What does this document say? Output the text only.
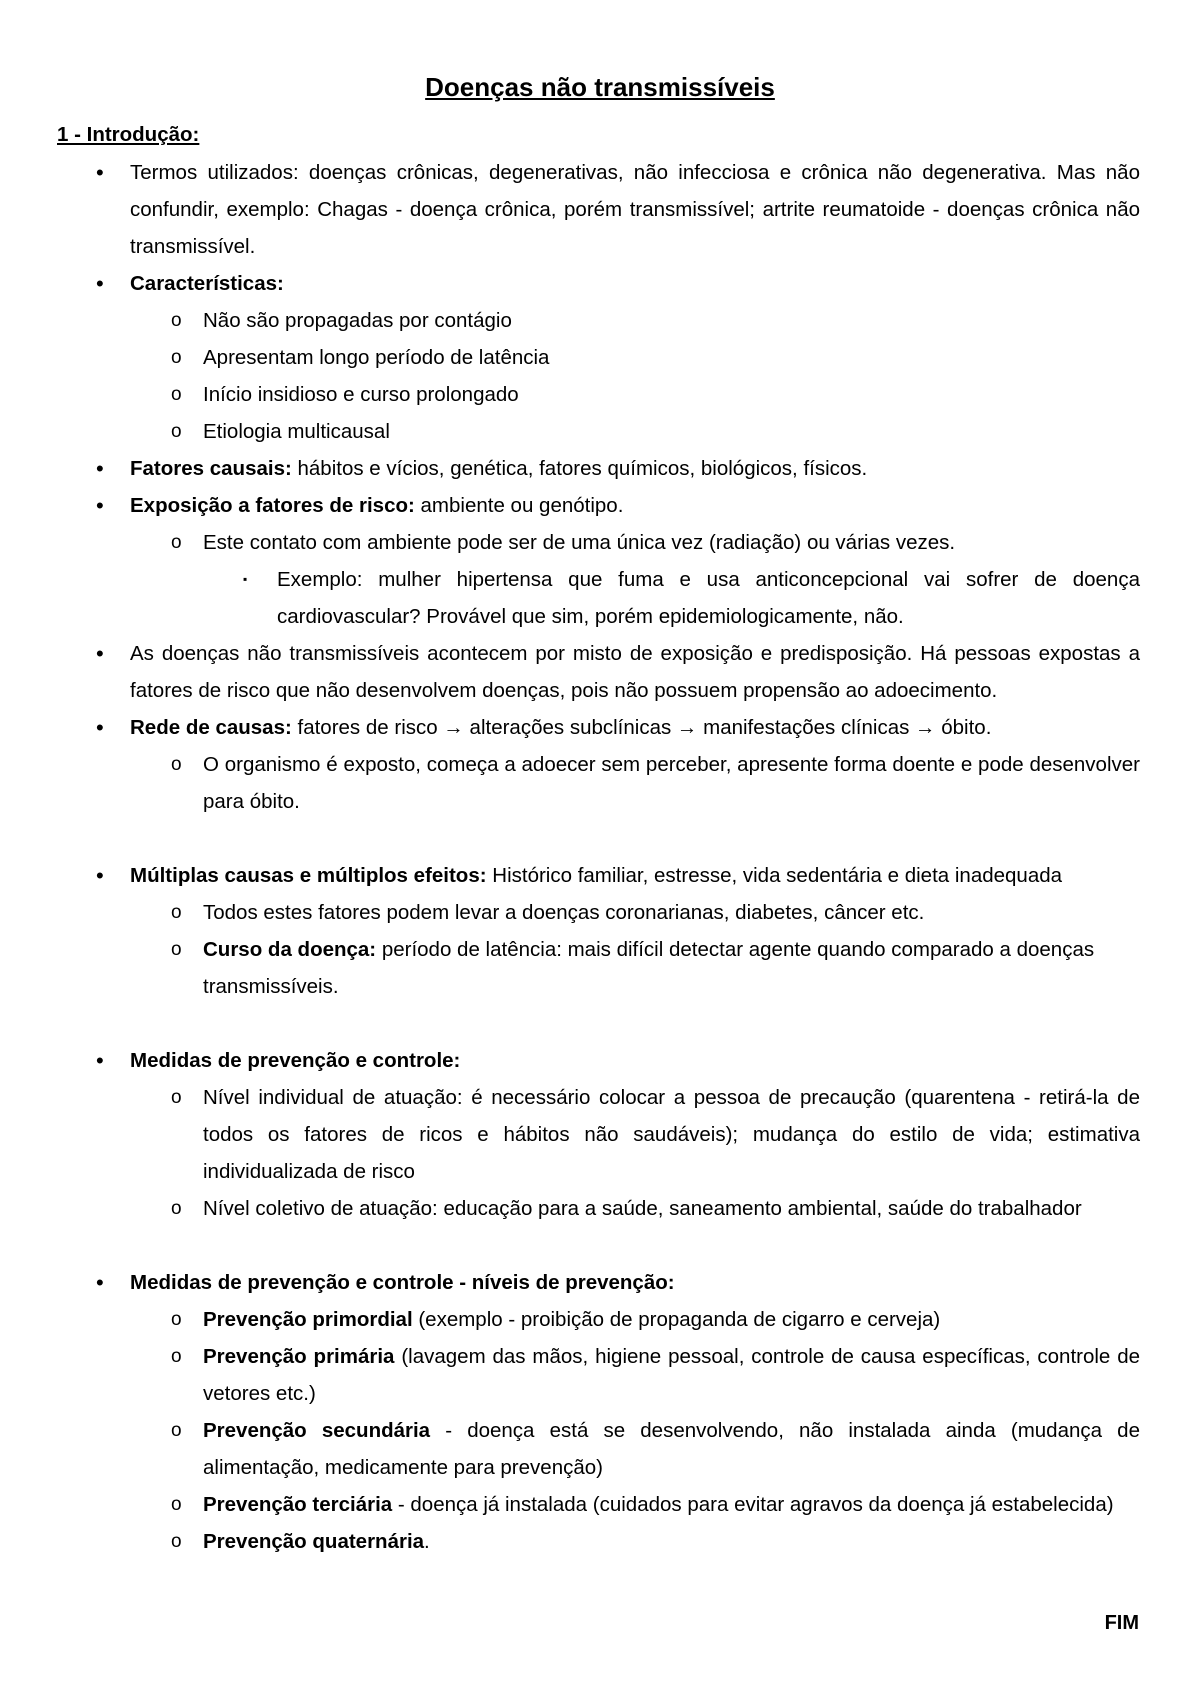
Doenças não transmissíveis
1 - Introdução:
• Termos utilizados: doenças crônicas, degenerativas, não infecciosa e crônica não degenerativa. Mas não confundir, exemplo: Chagas - doença crônica, porém transmissível; artrite reumatoide - doenças crônica não transmissível.
• Características:
o Não são propagadas por contágio
o Apresentam longo período de latência
o Início insidioso e curso prolongado
o Etiologia multicausal
• Fatores causais: hábitos e vícios, genética, fatores químicos, biológicos, físicos.
• Exposição a fatores de risco: ambiente ou genótipo.
o Este contato com ambiente pode ser de uma única vez (radiação) ou várias vezes.
▪ Exemplo: mulher hipertensa que fuma e usa anticoncepcional vai sofrer de doença cardiovascular? Provável que sim, porém epidemiologicamente, não.
• As doenças não transmissíveis acontecem por misto de exposição e predisposição. Há pessoas expostas a fatores de risco que não desenvolvem doenças, pois não possuem propensão ao adoecimento.
• Rede de causas: fatores de risco → alterações subclínicas → manifestações clínicas → óbito.
o O organismo é exposto, começa a adoecer sem perceber, apresente forma doente e pode desenvolver para óbito.
• Múltiplas causas e múltiplos efeitos: Histórico familiar, estresse, vida sedentária e dieta inadequada
o Todos estes fatores podem levar a doenças coronarianas, diabetes, câncer etc.
o Curso da doença: período de latência: mais difícil detectar agente quando comparado a doenças transmissíveis.
• Medidas de prevenção e controle:
o Nível individual de atuação: é necessário colocar a pessoa de precaução (quarentena - retirá-la de todos os fatores de ricos e hábitos não saudáveis); mudança do estilo de vida; estimativa individualizada de risco
o Nível coletivo de atuação: educação para a saúde, saneamento ambiental, saúde do trabalhador
• Medidas de prevenção e controle - níveis de prevenção:
o Prevenção primordial (exemplo - proibição de propaganda de cigarro e cerveja)
o Prevenção primária (lavagem das mãos, higiene pessoal, controle de causa específicas, controle de vetores etc.)
o Prevenção secundária - doença está se desenvolvendo, não instalada ainda (mudança de alimentação, medicamente para prevenção)
o Prevenção terciária - doença já instalada (cuidados para evitar agravos da doença já estabelecida)
o Prevenção quaternária.
FIM
